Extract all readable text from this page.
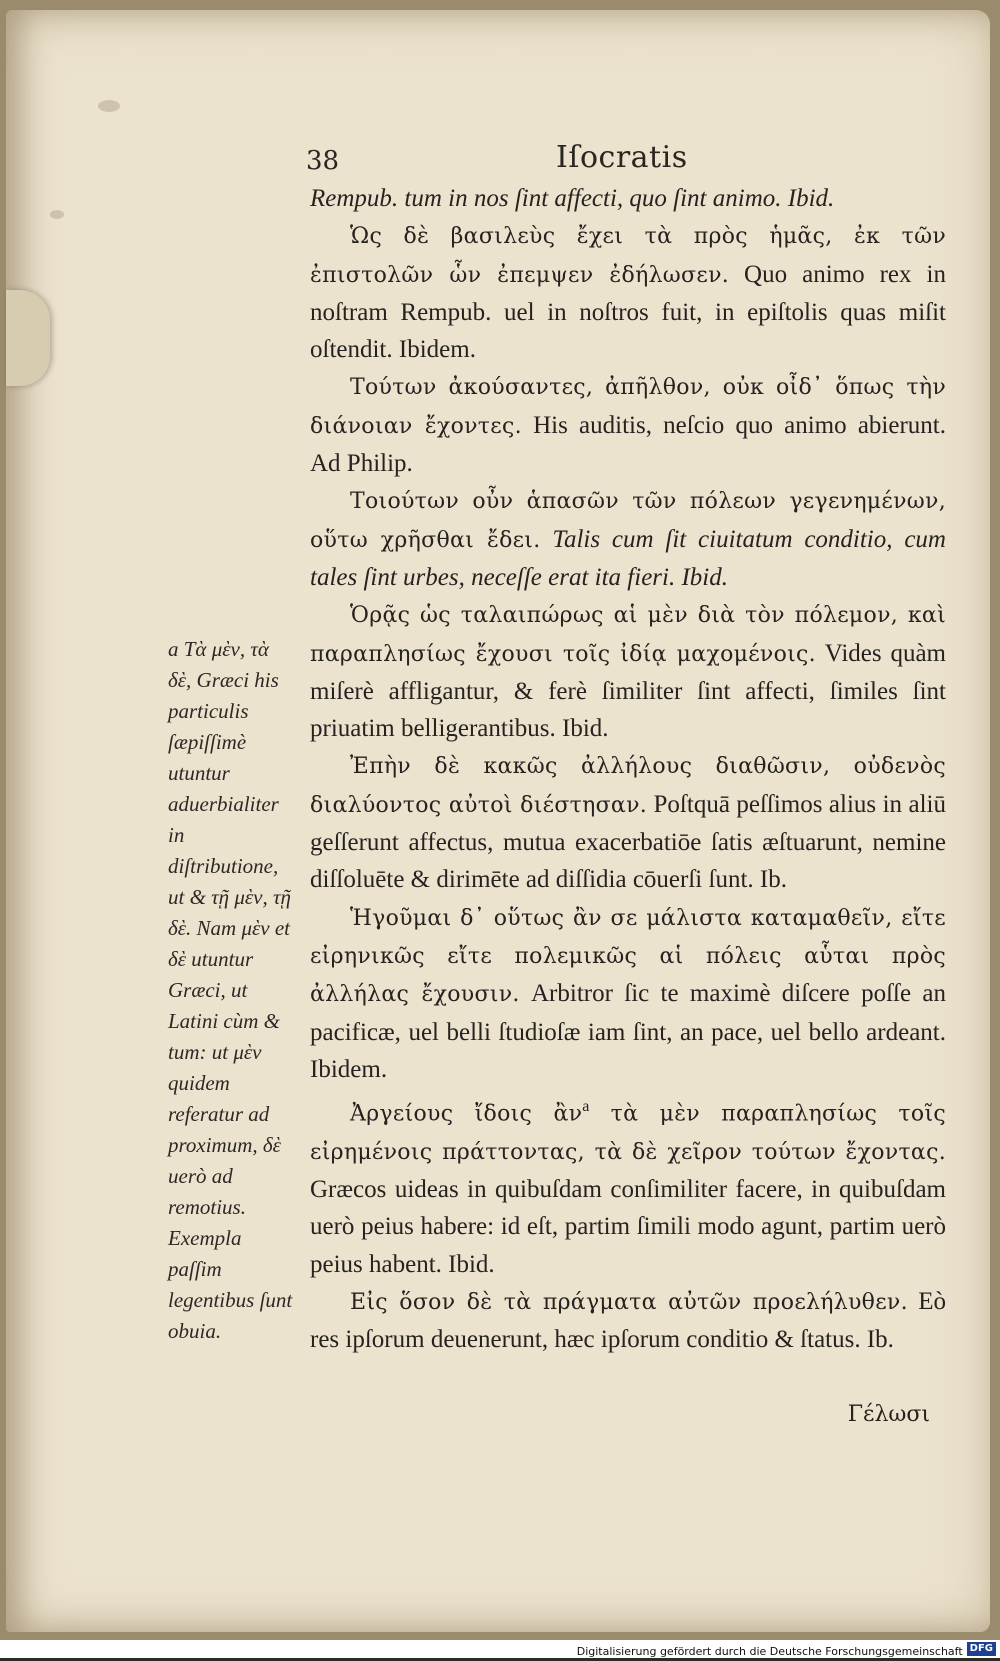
38	Iſocratis
a Τὰ μὲν, τὰ δὲ, Græci his particulis ſæpiſſimè utuntur aduerbialiter in diſtributione, ut & τῇ μὲν, τῇ δὲ. Nam μὲν et δὲ utuntur Græci, ut Latini cùm & tum: ut μὲν quidem referatur ad proximum, δὲ uerò ad remotius. Exempla paſſim legentibus ſunt obuia.

Rempub. tum in nos ſint affecti, quo ſint animo. Ibid.

Ὡς δὲ βασιλεὺς ἔχει τὰ πρὸς ἡμᾶς, ἐκ τῶν ἐπιστολῶν ὧν ἐπεμψεν ἐδήλωσεν. Quo animo rex in noſtram Rempub. uel in noſtros fuit, in epiſtolis quas miſit oſtendit. Ibidem.

Τούτων ἀκούσαντες, ἀπῆλθον, οὐκ οἶδ᾿ ὅπως τὴν διάνοιαν ἔχοντες. His auditis, neſcio quo animo abierunt. Ad Philip.

Τοιούτων οὖν ἁπασῶν τῶν πόλεων γεγενημένων, οὕτω χρῆσθαι ἔδει. Talis cum ſit ciuitatum conditio, cum tales ſint urbes, neceſſe erat ita fieri. Ibid.

Ὁρᾷς ὡς ταλαιπώρως αἱ μὲν διὰ τὸν πόλεμον, καὶ παραπλησίως ἔχουσι τοῖς ἰδίᾳ μαχομένοις. Vides quàm miſerè affligantur, & ferè ſimiliter ſint affecti, ſimiles ſint priuatim belligerantibus. Ibid.

Ἐπὴν δὲ κακῶς ἀλλήλους διαθῶσιν, οὐδενὸς διαλύοντος αὐτοὶ διέστησαν. Poſtquā peſſimos alius in aliū geſſerunt affectus, mutua exacerbatiōe ſatis æſtuarunt, nemine diſſoluēte & dirimēte ad diſſidia cōuerſi ſunt. Ib.

Ἡγοῦμαι δ᾿ οὕτως ἂν σε μάλιστα καταμαθεῖν, εἴτε εἰρηνικῶς εἴτε πολεμικῶς αἱ πόλεις αὗται πρὸς ἀλλήλας ἔχουσιν. Arbitror ſic te maximè diſcere poſſe an pacificæ, uel belli ſtudioſæ iam ſint, an pace, uel bello ardeant. Ibidem.

Ἀργείους ἴδοις ἂν$^a$ τὰ μὲν παραπλησίως τοῖς εἰρημένοις πράττοντας, τὰ δὲ χεῖρον τούτων ἔχοντας. Græcos uideas in quibuſdam conſimiliter facere, in quibuſdam uerò peius habere: id eſt, partim ſimili modo agunt, partim uerò peius habent. Ibid.

Εἰς ὅσον δὲ τὰ πράγματα αὐτῶν προελήλυθεν. Eò res ipſorum deuenerunt, hæc ipſorum conditio & ſtatus. Ib.

Γέλωσι
Digitalisierung gefördert durch die Deutsche Forschungsgemeinschaft DFG
